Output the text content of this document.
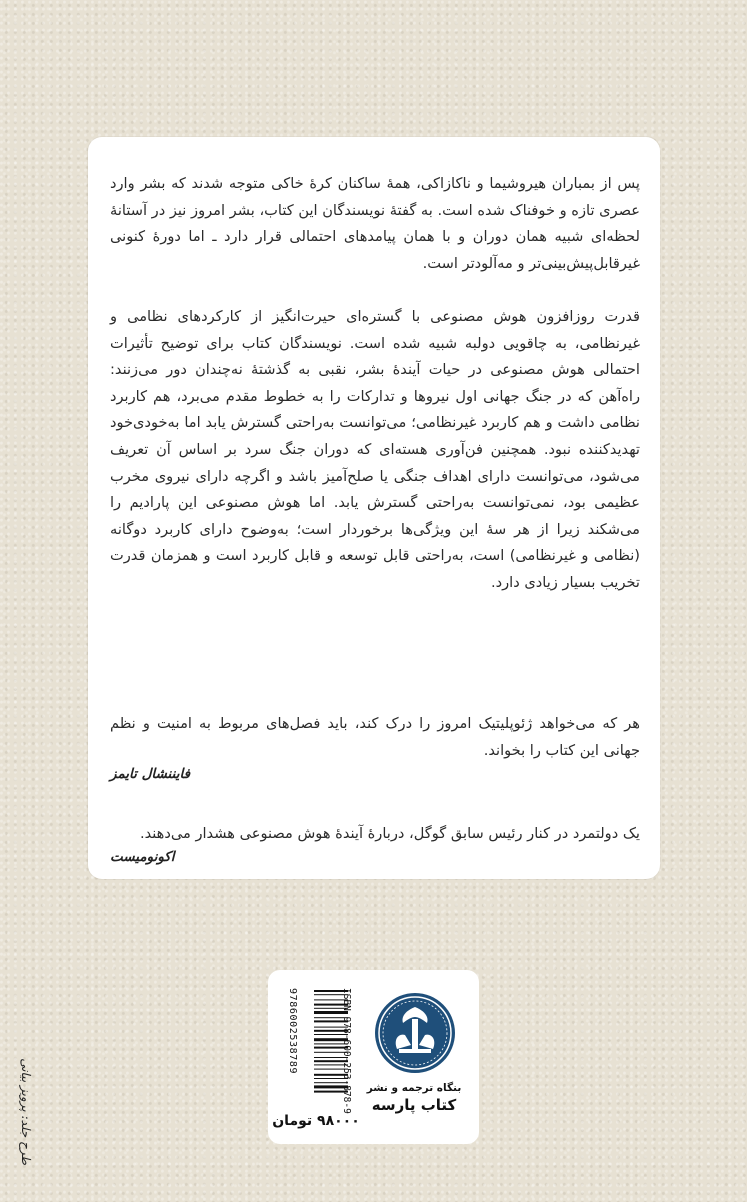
پس از بمباران هیروشیما و ناکازاکی، همهٔ ساکنان کرهٔ خاکی متوجه شدند که بشر وارد عصری تازه و خوفناک شده است. به گفتهٔ نویسندگان این کتاب، بشر امروز نیز در آستانهٔ لحظه‌ای شبیه همان دوران و با همان پیامدهای احتمالی قرار دارد ـ اما دورهٔ کنونی غیرقابل‌پیش‌بینی‌تر و مه‌آلودتر است.
قدرت روزافزون هوش مصنوعی با گستره‌ای حیرت‌انگیز از کارکردهای نظامی و غیرنظامی، به چاقویی دولبه شبیه شده است. نویسندگان کتاب برای توضیح تأثیرات احتمالی هوش مصنوعی در حیات آیندهٔ بشر، نقبی به گذشتهٔ نه‌چندان دور می‌زنند: راه‌آهن که در جنگ جهانی اول نیروها و تدارکات را به خطوط مقدم می‌برد، هم کاربرد نظامی داشت و هم کاربرد غیرنظامی؛ می‌توانست به‌راحتی گسترش یابد اما به‌خودی‌خود تهدیدکننده نبود. همچنین فن‌آوری هسته‌ای که دوران جنگ سرد بر اساس آن تعریف می‌شود، می‌توانست دارای اهداف جنگی یا صلح‌آمیز باشد و اگرچه دارای نیروی مخرب عظیمی بود، نمی‌توانست به‌راحتی گسترش یابد. اما هوش مصنوعی این پارادیم را می‌شکند زیرا از هر سهٔ این ویژگی‌ها برخوردار است؛ به‌وضوح دارای کاربرد دوگانه (نظامی و غیرنظامی) است، به‌راحتی قابل توسعه و قابل کاربرد است و همزمان قدرت تخریب بسیار زیادی دارد.
هر که می‌خواهد ژئوپلیتیک امروز را درک کند، باید فصل‌های مربوط به امنیت و نظم جهانی این کتاب را بخواند.
فایننشال تایمز
یک دولتمرد در کنار رئیس سابق گوگل، دربارهٔ آیندهٔ هوش مصنوعی هشدار می‌دهند.
اکونومیست
بنگاه ترجمه و نشر
کتاب پارسه
ISBN 978-600-253-878-9
9786002538789
۹۸۰۰۰ تومان
طرح جلد: پرویز بیانی
